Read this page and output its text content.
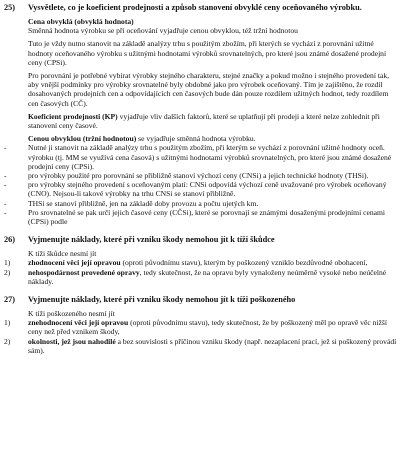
25)	Vysvětlete, co je koeficient prodejnosti a způsob stanovení obvyklé ceny oceňovaného výrobku.
Cena obvyklá (obvyklá hodnota)
Směnná hodnota výrobku se při oceňování vyjadřuje cenou obvyklou, též tržní hodnotou
Tuto je vždy nutno stanovit na základě analýzy trhu s použitým zbožím, při kterých se vychází z porovnání užitné hodnoty oceňovaného výrobku s užitnými hodnotami výrobků srovnatelných, pro které jsou známé dosažené prodejní ceny (CPSi).
Pro porovnání je potřebné vybírat výrobky stejného charakteru, stejné značky a pokud možno i stejného provedení tak, aby vnější podmínky pro výrobky srovnatelné byly obdobné jako pro výrobek oceňovaný. Tím je zajištěno, že rozdíl dosahovaných prodejních cen a odpovídajících cen časových bude dán pouze rozdílem užitných hodnot, tedy rozdílem cen časových (CČ).
Koeficient prodejnosti (KP) vyjadřuje vliv dalších faktorů, které se uplatňují při prodeji a které nelze zohlednit při stanovení ceny časové.
Cenou obvyklou (tržní hodnotou) se vyjadřuje směnná hodnota výrobku.
-	Nutné ji stanovit na základě analýzy trhu s použitým zbožím, při kterým se vychází z porovnání užitné hodnoty oceň. výrobku (tj. MM se využívá cena časová) s užitnými hodnotami výrobků srovnatelných, pro které jsou známé dosažené prodejní ceny (CPSi).
-	pro výrobky použité pro porovnání se přibližně stanoví výchozí ceny (CNSi) a jejich technické hodnoty (THSi).
-	pro výrobky stejného provedení s oceňovaným platí: CNSi odpovídá výchozí ceně uvažované pro výrobek oceňovaný (CNO). Nejsou-li takové výrobky na trhu CNSi se stanoví přibližně.
-	THSi se stanoví přibližně, jen na základě doby provozu a počtu ujetých km.
-	Pro srovnatelné se pak určí jejich časové ceny (CČSi), které se porovnají se známými dosaženými prodejními cenami (CPSi) podle
26)	Vyjmenujte náklady, které při vzniku škody nemohou jít k tíži škůdce
K tíži škůdce nesmí jít
1)	zhodnocení věci její opravou (oproti původnímu stavu), kterým by poškozený vzniklo bezdůvodné obohacení,
2)	nehospodárnost provedené opravy, tedy skutečnost, že na opravu byly vynaloženy neúměrně vysoké nebo neúčelné náklady.
27)	Vyjmenujte náklady, které při vzniku škody nemohou jít k tíži poškozeného
K tíži poškozeného nesmí jít
1)	znehodnocení věci její opravou (oproti původnímu stavu), tedy skutečnost, že by poškozený měl po opravě věc nižší ceny než před vznikem škody,
2)	okolnosti, jež jsou nahodilé a bez souvislosti s příčinou vzniku škody (např. nezaplacení prací, jež si poškozený provádí sám).
